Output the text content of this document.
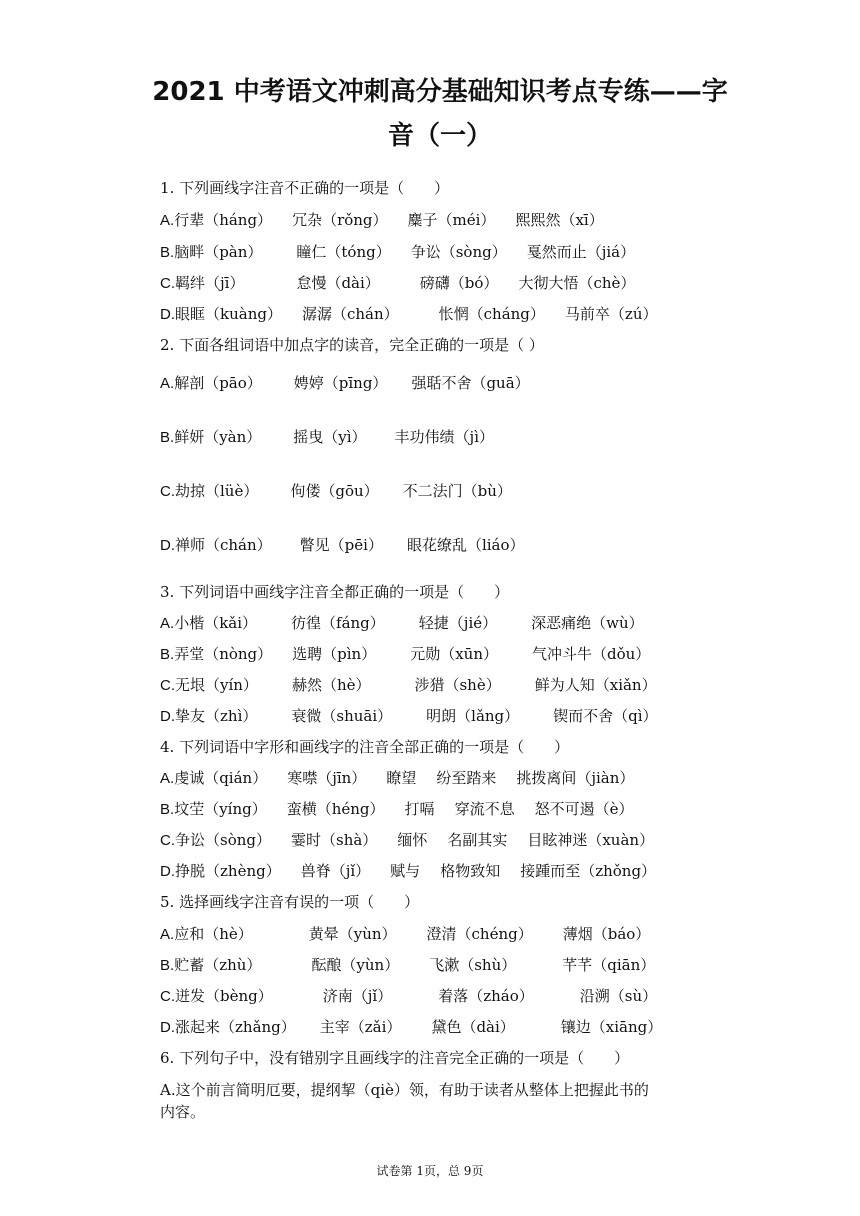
2021 中考语文冲刺高分基础知识考点专练——字音（一）
1. 下列画线字注音不正确的一项是（　　）
A.行辈（háng） 冗杂（rǒng） 麋子（méi） 熙熙然（xī）
B.脑畔（pàn） 瞳仁（tóng） 争讼（sòng） 戛然而止（jiá）
C.羁绊（jī）	怠慢（dài）	磅礴（bó） 大彻大悟（chè）
D.眼眶（kuàng） 潺潺（chán）	怅惘（cháng） 马前卒（zú）
2. 下面各组词语中加点字的读音，完全正确的一项是（ ）
A.解剖（pāo） 娉婷（pīng） 强聒不舍（guā）
B.鲜妍（yàn） 摇曳（yì） 丰功伟绩（jì）
C.劫掠（lüè） 佝偻（gōu） 不二法门（bù）
D.禅师（chán） 瞥见（pēi） 眼花缭乱（liáo）
3. 下列词语中画线字注音全都正确的一项是（　　）
A.小楷（kǎi） 彷徨（fáng） 轻捷（jié） 深恶痛绝（wù）
B.弄堂（nòng） 选聘（pìn） 元勋（xūn） 气冲斗牛（dǒu）
C.无垠（yín） 赫然（hè）	涉猎（shè） 鲜为人知（xiǎn）
D.挚友（zhì） 衰微（shuāi） 明朗（lǎng） 锲而不舍（qì）
4. 下列词语中字形和画线字的注音全部正确的一项是（　　）
A.虔诚（qián） 寒噤（jīn） 瞭望 纷至踏来 挑拨离间（jiàn）
B.坟茔（yíng） 蛮横（héng） 打嗝 穿流不息 怒不可遏（è）
C.争讼（sòng） 霎时（shà） 缅怀 名副其实 目眩神迷（xuàn）
D.挣脱（zhèng） 兽脊（jǐ） 赋与 格物致知 接踵而至（zhǒng）
5. 选择画线字注音有误的一项（　　）
A.应和（hè）	黄晕（yùn） 澄清（chéng） 薄烟（báo）
B.贮蓄（zhù）	酝酿（yùn） 飞漱（shù）	芊芊（qiān）
C.迸发（bèng）	济南（jǐ）	着落（zháo）	沿溯（sù）
D.涨起来（zhǎng） 主宰（zǎi） 黛色（dài）	镶边（xiāng）
6. 下列句子中，没有错别字且画线字的注音完全正确的一项是（　　）
A.这个前言简明厄要，提纲挈（qiè）领，有助于读者从整体上把握此书的
内容。
试卷第 1页，总 9页
